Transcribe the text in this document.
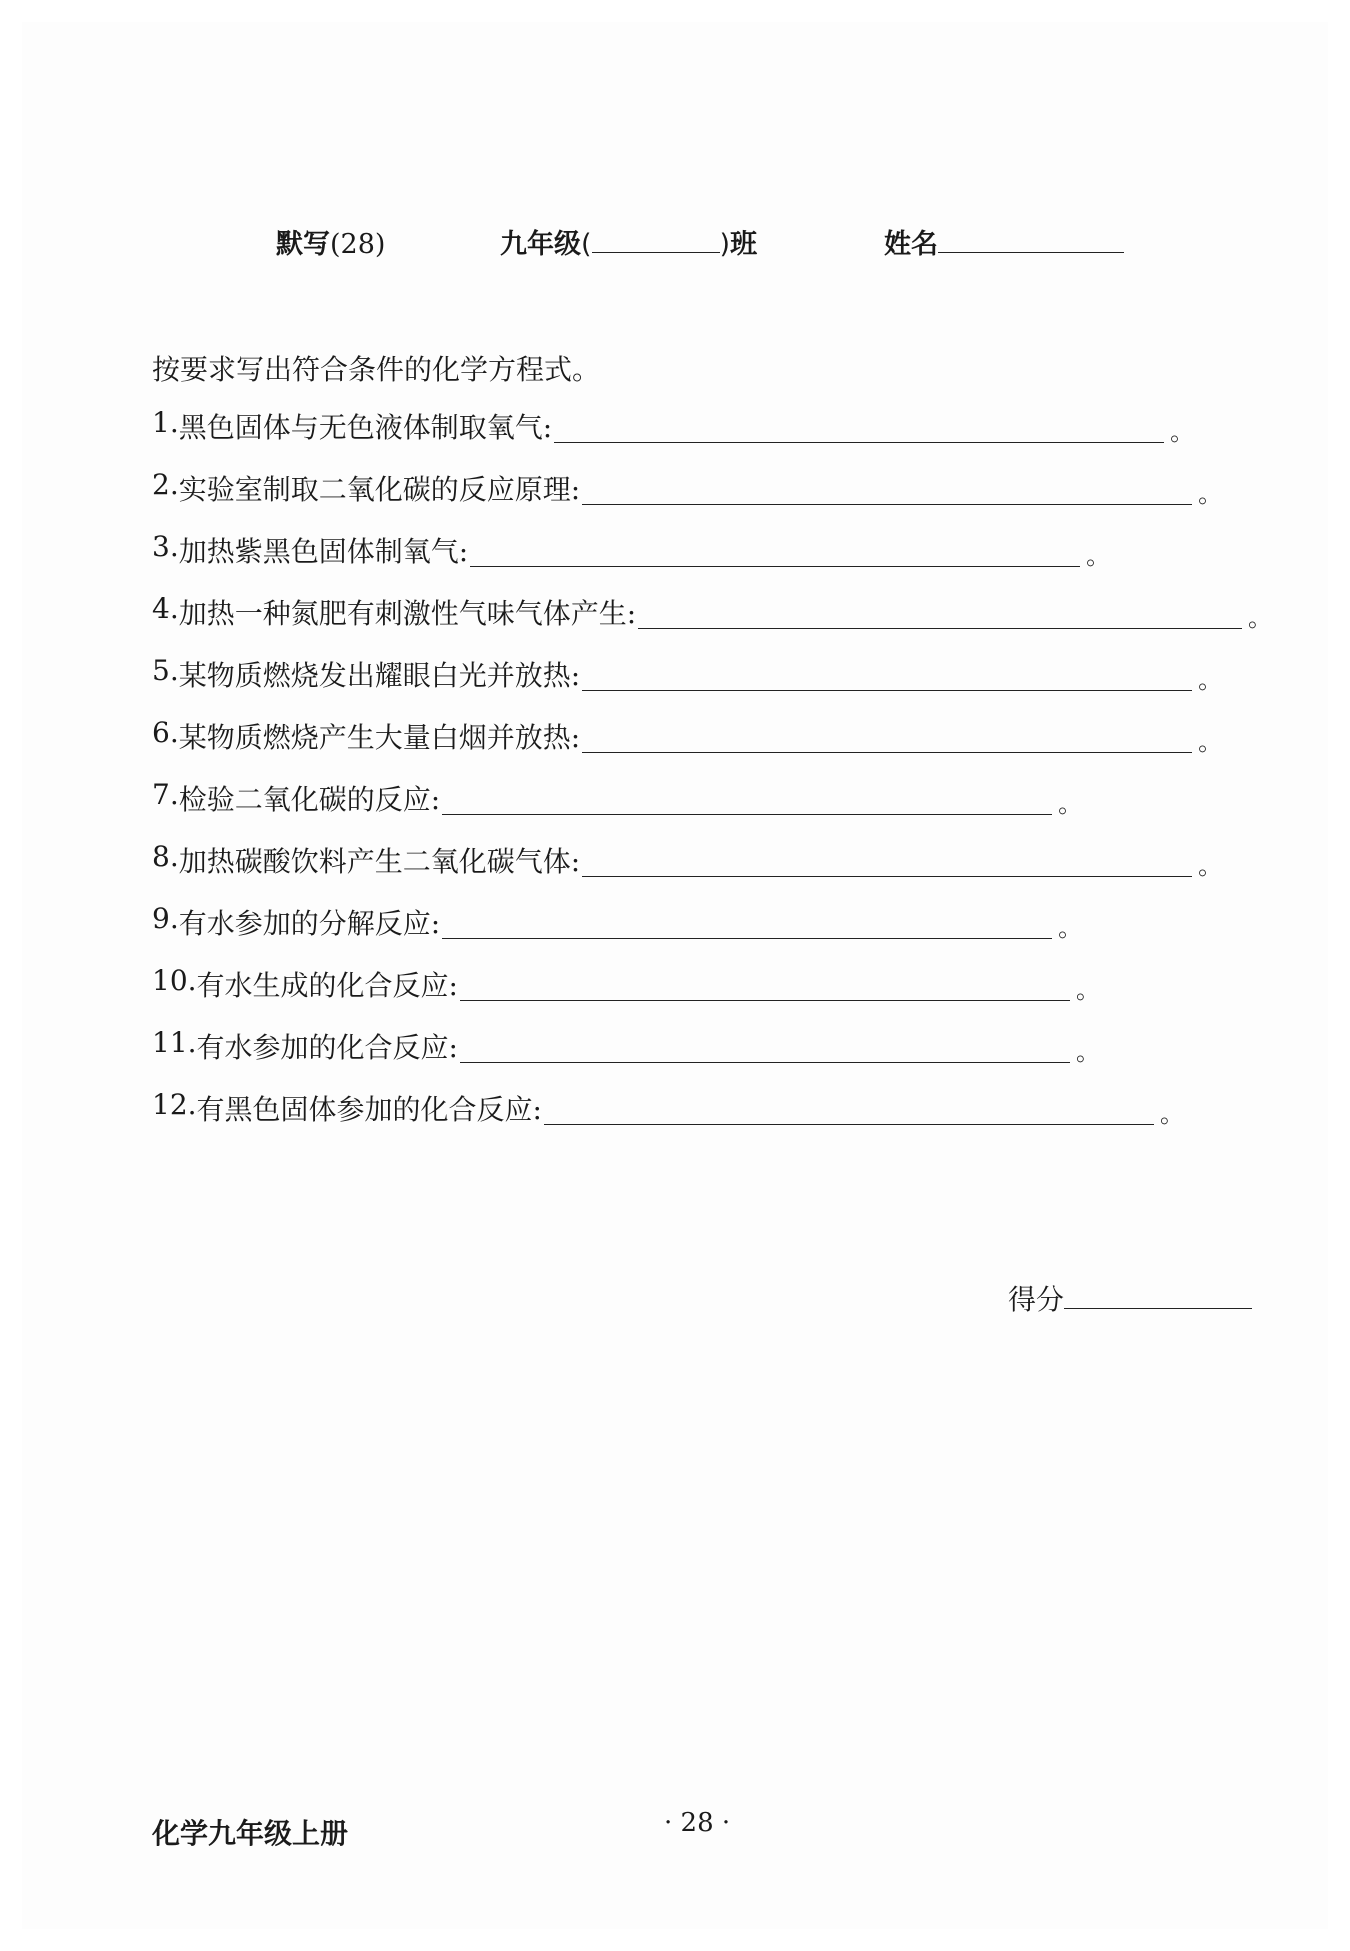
默写(28)	九年级(	)班	姓名
按要求写出符合条件的化学方程式。
1. 黑色固体与无色液体制取氧气:	。
2. 实验室制取二氧化碳的反应原理:	。
3. 加热紫黑色固体制氧气:	。
4. 加热一种氮肥有刺激性气味气体产生:	。
5. 某物质燃烧发出耀眼白光并放热:	。
6. 某物质燃烧产生大量白烟并放热:	。
7. 检验二氧化碳的反应:	。
8. 加热碳酸饮料产生二氧化碳气体:	。
9. 有水参加的分解反应:	。
10. 有水生成的化合反应:	。
11. 有水参加的化合反应:	。
12. 有黑色固体参加的化合反应:	。
得分
化学九年级上册	· 28 ·
